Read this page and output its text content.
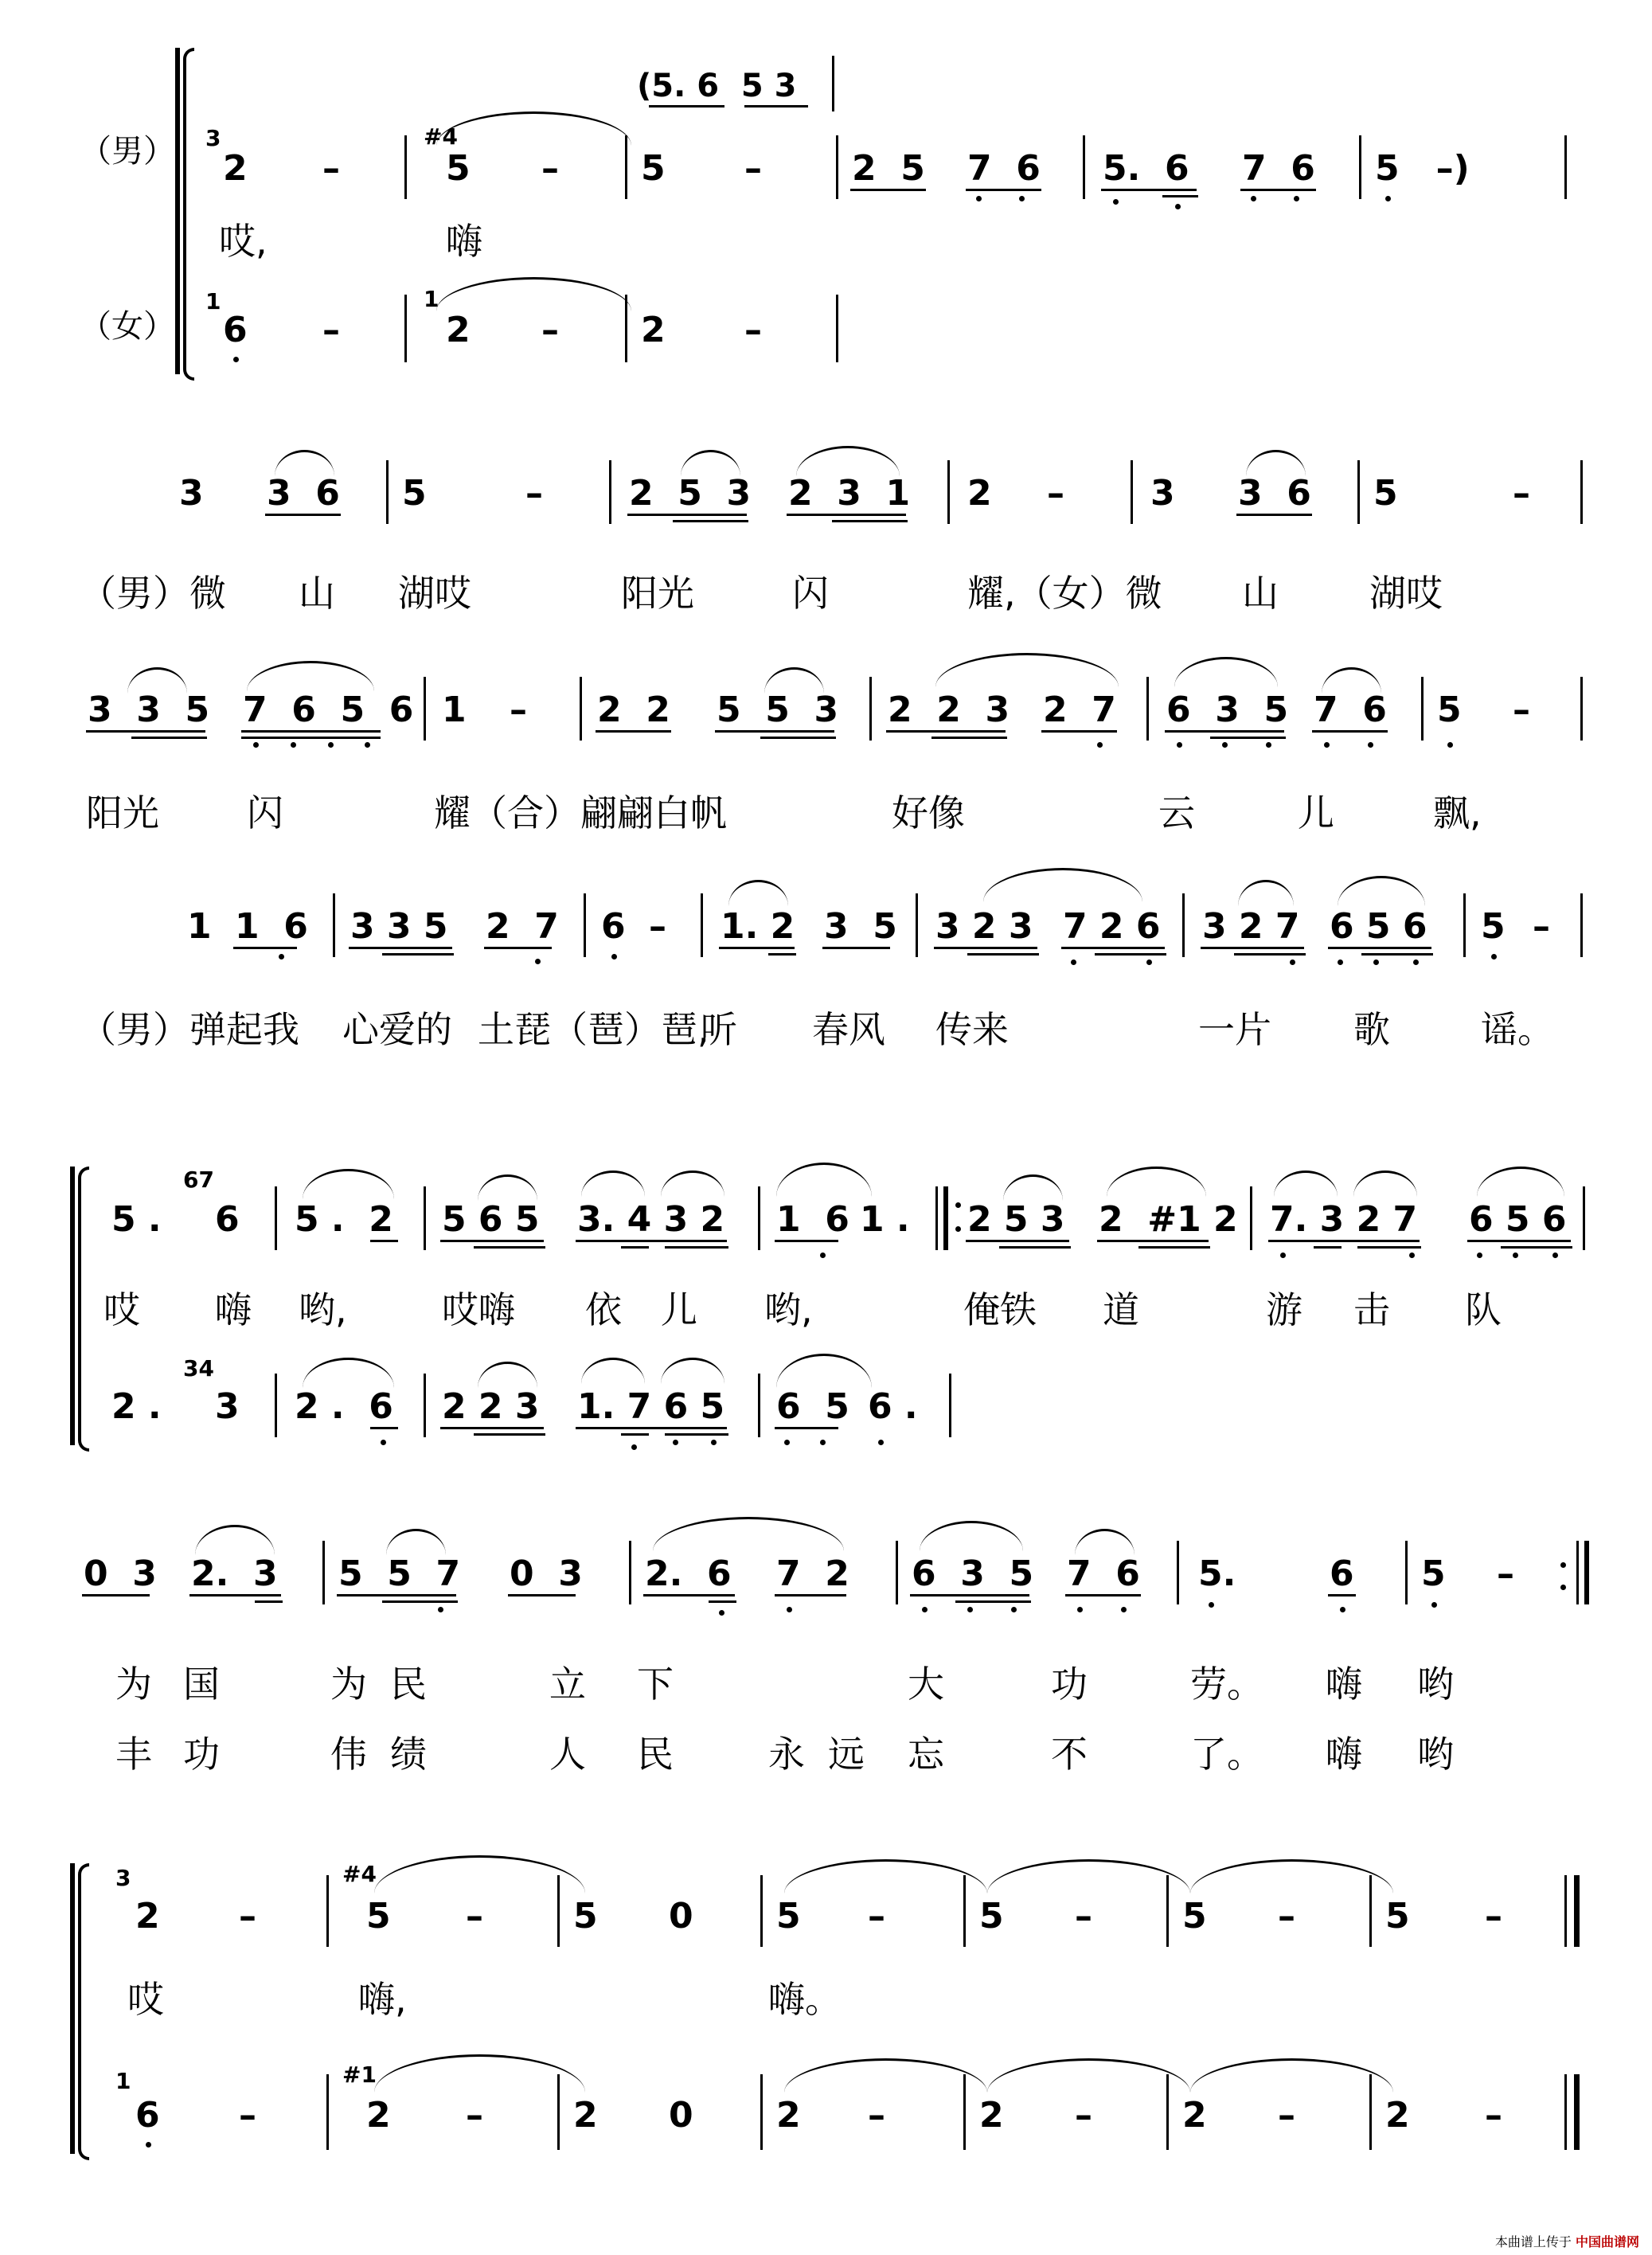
（男）
（女）
3
2 –
#4
5 – 5 –
(5. 6  5 3
2  5 7  6 5.  6 7  6 5   –)
哎,	嗨
1
6 –
1
2 – 2 –
3 3  6 5	– 2  5  3 2  3  1 2 – 3 3  6 5	–
（男）微 山 湖哎	阳光	闪	耀,（女）微 山 湖哎
3  3  5 7  6  5  6 1 – 2  2 5  5  3 2  2  3 2  7 6  3  5 7  6 5 –
阳光 闪	耀（合）翩翩白帆	好像	云	儿	飘,
1 1  6 3 3 5 2  7 6 – 1. 2 3  5 3 2 3 7 2 6 3 2 7 6 5 6 5 –
（男）弹起我 心爱的 土琵（琶）琶,
听 春风 传来	一片 歌 谣。
5 .
67
6 5 .  2 5 6 5 3. 4 3 2 1  6 1 . 2 5 3 2  #1 2 7. 3 2 7 6 5 6
哎 嗨 哟,	哎嗨 依 儿 哟,	俺铁 道	游 击 队
2 .
34
3 2 .  6 2 2 3 1. 7 6 5 6  5 6 .
0  3 2.  3 5  5  7 0  3 2.  6 7  2 6  3  5 7  6 5.	6 5 –
为 国	为 民	立 下	大	功	劳。 嗨 哟
丰 功	伟 绩	人 民	永 远 忘	不	了。 嗨 哟
3
2 –
#4
5 –	5 0 5 –	5 –	5 –	5 –
哎	嗨,	嗨。
1
6 –
#1
2 –	2 0 2 –	2 –	2 –	2 –
本曲谱上传于 中国曲谱网
